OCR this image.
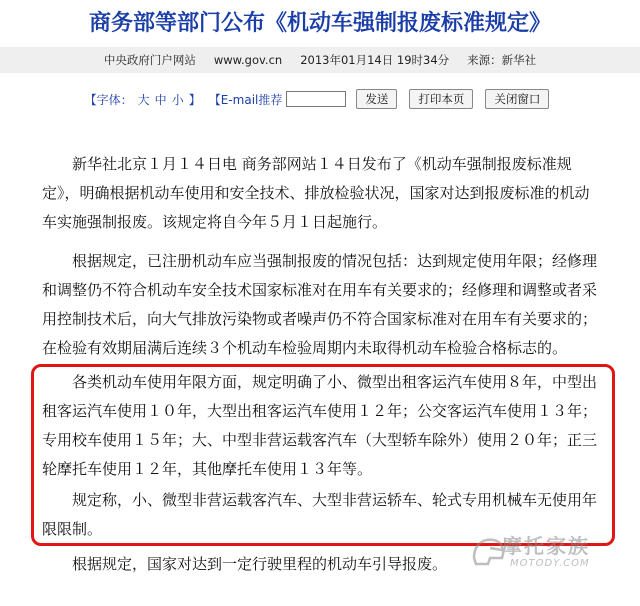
商务部等部门公布《机动车强制报废标准规定》
中央政府门户网站 www.gov.cn 2013年01月14日 19时34分 来源：新华社
【字体： 大 中 小 】 【E-mail推荐	发送	打印本页	关闭窗口

新华社北京１月１４日电 商务部网站１４日发布了《机动车强制报废标准规定》，明确根据机动车使用和安全技术、排放检验状况，国家对达到报废标准的机动车实施强制报废。该规定将自今年５月１日起施行。

根据规定，已注册机动车应当强制报废的情况包括：达到规定使用年限；经修理和调整仍不符合机动车安全技术国家标准对在用车有关要求的；经修理和调整或者采用控制技术后，向大气排放污染物或者噪声仍不符合国家标准对在用车有关要求的；在检验有效期届满后连续３个机动车检验周期内未取得机动车检验合格标志的。

各类机动车使用年限方面，规定明确了小、微型出租客运汽车使用８年，中型出租客运汽车使用１０年，大型出租客运汽车使用１２年；公交客运汽车使用１３年；专用校车使用１５年；大、中型非营运载客汽车（大型轿车除外）使用２０年；正三轮摩托车使用１２年，其他摩托车使用１３年等。

规定称，小、微型非营运载客汽车、大型非营运轿车、轮式专用机械车无使用年限限制。

根据规定，国家对达到一定行驶里程的机动车引导报废。

摩托家族
MOTODY.COM
